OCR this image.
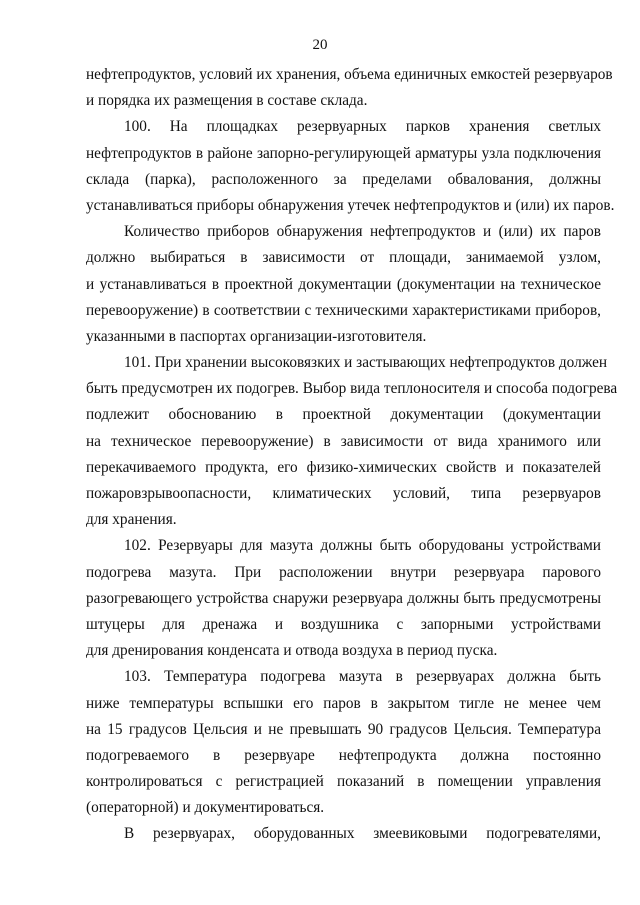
20
нефтепродуктов, условий их хранения, объема единичных емкостей резервуаров
и порядка их размещения в составе склада.
100. На площадках резервуарных парков хранения светлых
нефтепродуктов в районе запорно-регулирующей арматуры узла подключения
склада (парка), расположенного за пределами обвалования, должны
устанавливаться приборы обнаружения утечек нефтепродуктов и (или) их паров.
Количество приборов обнаружения нефтепродуктов и (или) их паров
должно выбираться в зависимости от площади, занимаемой узлом,
и устанавливаться в проектной документации (документации на техническое
перевооружение) в соответствии с техническими характеристиками приборов,
указанными в паспортах организации-изготовителя.
101. При хранении высоковязких и застывающих нефтепродуктов должен
быть предусмотрен их подогрев. Выбор вида теплоносителя и способа подогрева
подлежит обоснованию в проектной документации (документации
на техническое перевооружение) в зависимости от вида хранимого или
перекачиваемого продукта, его физико-химических свойств и показателей
пожаровзрывоопасности, климатических условий, типа резервуаров
для хранения.
102. Резервуары для мазута должны быть оборудованы устройствами
подогрева мазута. При расположении внутри резервуара парового
разогревающего устройства снаружи резервуара должны быть предусмотрены
штуцеры для дренажа и воздушника с запорными устройствами
для дренирования конденсата и отвода воздуха в период пуска.
103. Температура подогрева мазута в резервуарах должна быть
ниже температуры вспышки его паров в закрытом тигле не менее чем
на 15 градусов Цельсия и не превышать 90 градусов Цельсия. Температура
подогреваемого в резервуаре нефтепродукта должна постоянно
контролироваться с регистрацией показаний в помещении управления
(операторной) и документироваться.
В резервуарах, оборудованных змеевиковыми подогревателями,
